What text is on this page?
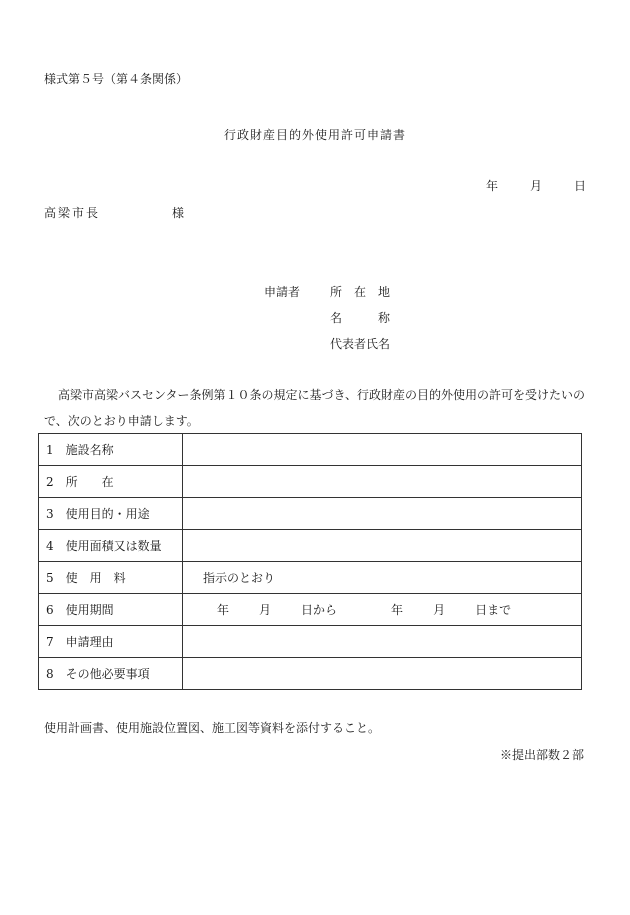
様式第５号（第４条関係）
行政財産目的外使用許可申請書
年	月	日
高梁市長	様
申請者 所　在　地
名　　　称
代表者氏名
高梁市高梁バスセンター条例第１０条の規定に基づき、行政財産の目的外使用の許可を受けたいので、次のとおり申請します。
1　施設名称	
2　所　　在	
3　使用目的・用途	
4　使用面積又は数量	
5　使　用　料	指示のとおり
6　使用期間	年 月 日から 年 月 日まで
7　申請理由	
8　その他必要事項	
使用計画書、使用施設位置図、施工図等資料を添付すること。
※提出部数２部
